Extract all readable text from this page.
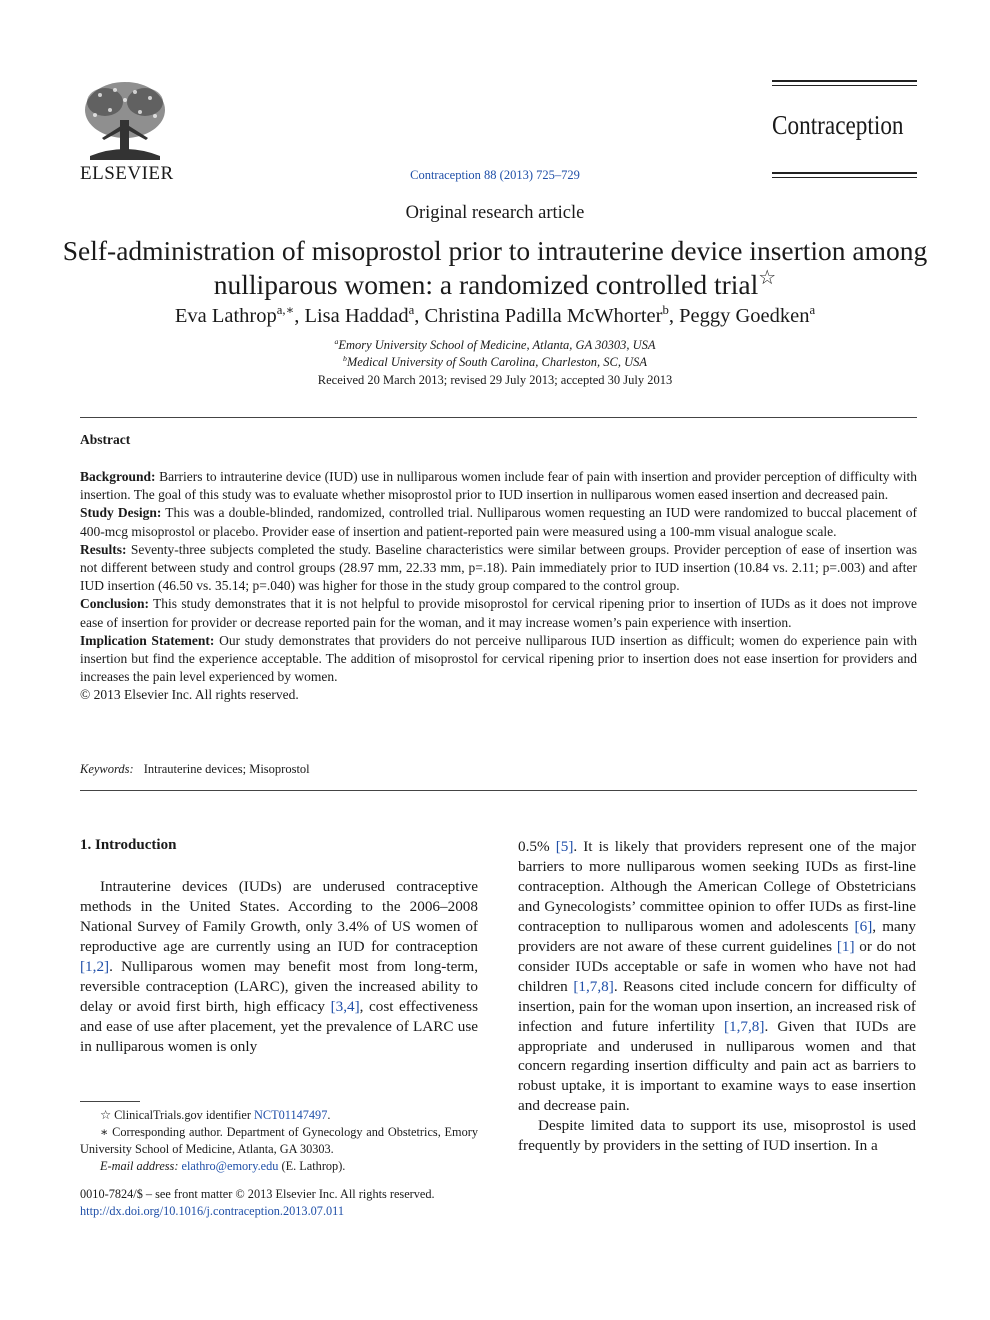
ELSEVIER	Contraception 88 (2013) 725–729
Contraception
Original research article
Self-administration of misoprostol prior to intrauterine device insertion among nulliparous women: a randomized controlled trial☆
Eva Lathrop$^{a,∗}$, Lisa Haddad$^a$, Christina Padilla McWhorter$^b$, Peggy Goedken$^a$
$^a$Emory University School of Medicine, Atlanta, GA 30303, USA
$^b$Medical University of South Carolina, Charleston, SC, USA
Received 20 March 2013; revised 29 July 2013; accepted 30 July 2013
Abstract

Background: Barriers to intrauterine device (IUD) use in nulliparous women include fear of pain with insertion and provider perception of difficulty with insertion. The goal of this study was to evaluate whether misoprostol prior to IUD insertion in nulliparous women eased insertion and decreased pain.

Study Design: This was a double-blinded, randomized, controlled trial. Nulliparous women requesting an IUD were randomized to buccal placement of 400-mcg misoprostol or placebo. Provider ease of insertion and patient-reported pain were measured using a 100-mm visual analogue scale.

Results: Seventy-three subjects completed the study. Baseline characteristics were similar between groups. Provider perception of ease of insertion was not different between study and control groups (28.97 mm, 22.33 mm, p=.18). Pain immediately prior to IUD insertion (10.84 vs. 2.11; p=.003) and after IUD insertion (46.50 vs. 35.14; p=.040) was higher for those in the study group compared to the control group.

Conclusion: This study demonstrates that it is not helpful to provide misoprostol for cervical ripening prior to insertion of IUDs as it does not improve ease of insertion for provider or decrease reported pain for the woman, and it may increase women’s pain experience with insertion.

Implication Statement: Our study demonstrates that providers do not perceive nulliparous IUD insertion as difficult; women do experience pain with insertion but find the experience acceptable. The addition of misoprostol for cervical ripening prior to insertion does not ease insertion for providers and increases the pain level experienced by women.

© 2013 Elsevier Inc. All rights reserved.

Keywords: Intrauterine devices; Misoprostol
1. Introduction

Intrauterine devices (IUDs) are underused contraceptive methods in the United States. According to the 2006–2008 National Survey of Family Growth, only 3.4% of US women of reproductive age are currently using an IUD for contraception [1,2]. Nulliparous women may benefit most from long-term, reversible contraception (LARC), given the increased ability to delay or avoid first birth, high efficacy [3,4], cost effectiveness and ease of use after placement, yet the prevalence of LARC use in nulliparous women is only

0.5% [5]. It is likely that providers represent one of the major barriers to more nulliparous women seeking IUDs as first-line contraception. Although the American College of Obstetricians and Gynecologists’ committee opinion to offer IUDs as first-line contraception to nulliparous women and adolescents [6], many providers are not aware of these current guidelines [1] or do not consider IUDs acceptable or safe in women who have not had children [1,7,8]. Reasons cited include concern for difficulty of insertion, pain for the woman upon insertion, an increased risk of infection and future infertility [1,7,8]. Given that IUDs are appropriate and underused in nulliparous women and that concern regarding insertion difficulty and pain act as barriers to robust uptake, it is important to examine ways to ease insertion and decrease pain.

Despite limited data to support its use, misoprostol is used frequently by providers in the setting of IUD insertion. In a

☆ ClinicalTrials.gov identifier NCT01147497.

∗ Corresponding author. Department of Gynecology and Obstetrics, Emory University School of Medicine, Atlanta, GA 30303.

E-mail address: elathro@emory.edu (E. Lathrop).

0010-7824/$ – see front matter © 2013 Elsevier Inc. All rights reserved.

http://dx.doi.org/10.1016/j.contraception.2013.07.011
